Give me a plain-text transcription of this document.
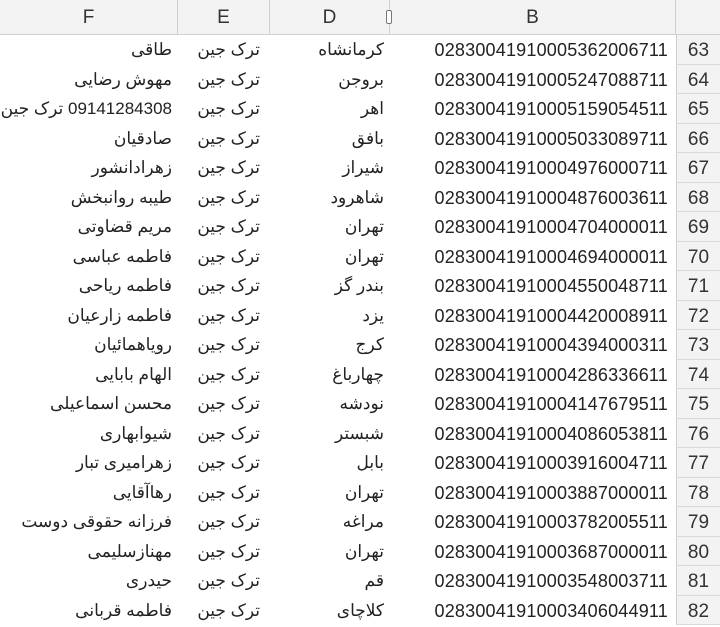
F	E	D	B
طاقی	ترک جین	کرمانشاه	02830041910005362006711	63
مهوش رضایی	ترک جین	بروجن	02830041910005247088711	64
09141284308 ترک جین	ترک جین	اهر	02830041910005159054511	65
صادقیان	ترک جین	بافق	02830041910005033089711	66
زهرادانشور	ترک جین	شیراز	02830041910004976000711	67
طیبه روانبخش	ترک جین	شاهرود	02830041910004876003611	68
مریم قضاوتی	ترک جین	تهران	02830041910004704000011	69
فاطمه عباسی	ترک جین	تهران	02830041910004694000011	70
فاطمه ریاحی	ترک جین	بندر گز	02830041910004550048711	71
فاطمه زارعیان	ترک جین	یزد	02830041910004420008911	72
رویاهمائیان	ترک جین	کرج	02830041910004394000311	73
الهام بابایی	ترک جین	چهارباغ	02830041910004286336611	74
محسن اسماعیلی	ترک جین	نودشه	02830041910004147679511	75
شیوابهاری	ترک جین	شبستر	02830041910004086053811	76
زهرامیری تبار	ترک جین	بابل	02830041910003916004711	77
رهاآقایی	ترک جین	تهران	02830041910003887000011	78
فرزانه حقوقی دوست	ترک جین	مراغه	02830041910003782005511	79
مهنازسلیمی	ترک جین	تهران	02830041910003687000011	80
حیدری	ترک جین	قم	02830041910003548003711	81
فاطمه قربانی	ترک جین	کلاچای	02830041910003406044911	82
